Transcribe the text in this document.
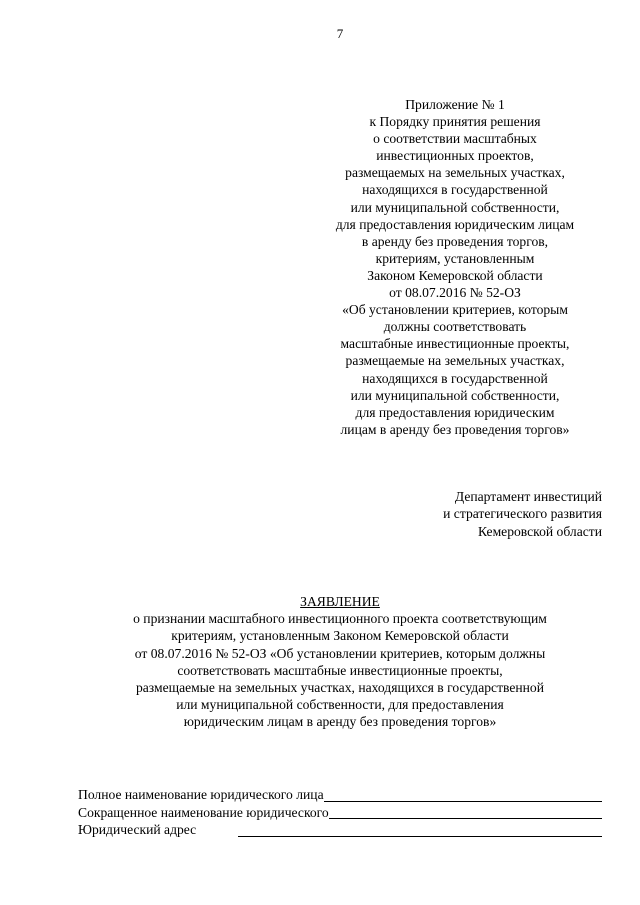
7
Приложение № 1
к Порядку принятия решения
о соответствии масштабных
инвестиционных проектов,
размещаемых на земельных участках,
находящихся в государственной
или муниципальной собственности,
для предоставления юридическим лицам
в аренду без проведения торгов,
критериям, установленным
Законом Кемеровской области
от 08.07.2016 № 52-ОЗ
«Об установлении критериев, которым
должны соответствовать
масштабные инвестиционные проекты,
размещаемые на земельных участках,
находящихся в государственной
или муниципальной собственности,
для предоставления юридическим
лицам в аренду без проведения торгов»
Департамент инвестиций
и стратегического развития
Кемеровской области
ЗАЯВЛЕНИЕ
о признании масштабного инвестиционного проекта соответствующим
критериям, установленным Законом Кемеровской области
от 08.07.2016 № 52-ОЗ «Об установлении критериев, которым должны
соответствовать масштабные инвестиционные проекты,
размещаемые на земельных участках, находящихся в государственной
или муниципальной собственности, для предоставления
юридическим лицам в аренду без проведения торгов»
Полное наименование юридического лица
Сокращенное наименование юридического
Юридический адрес
